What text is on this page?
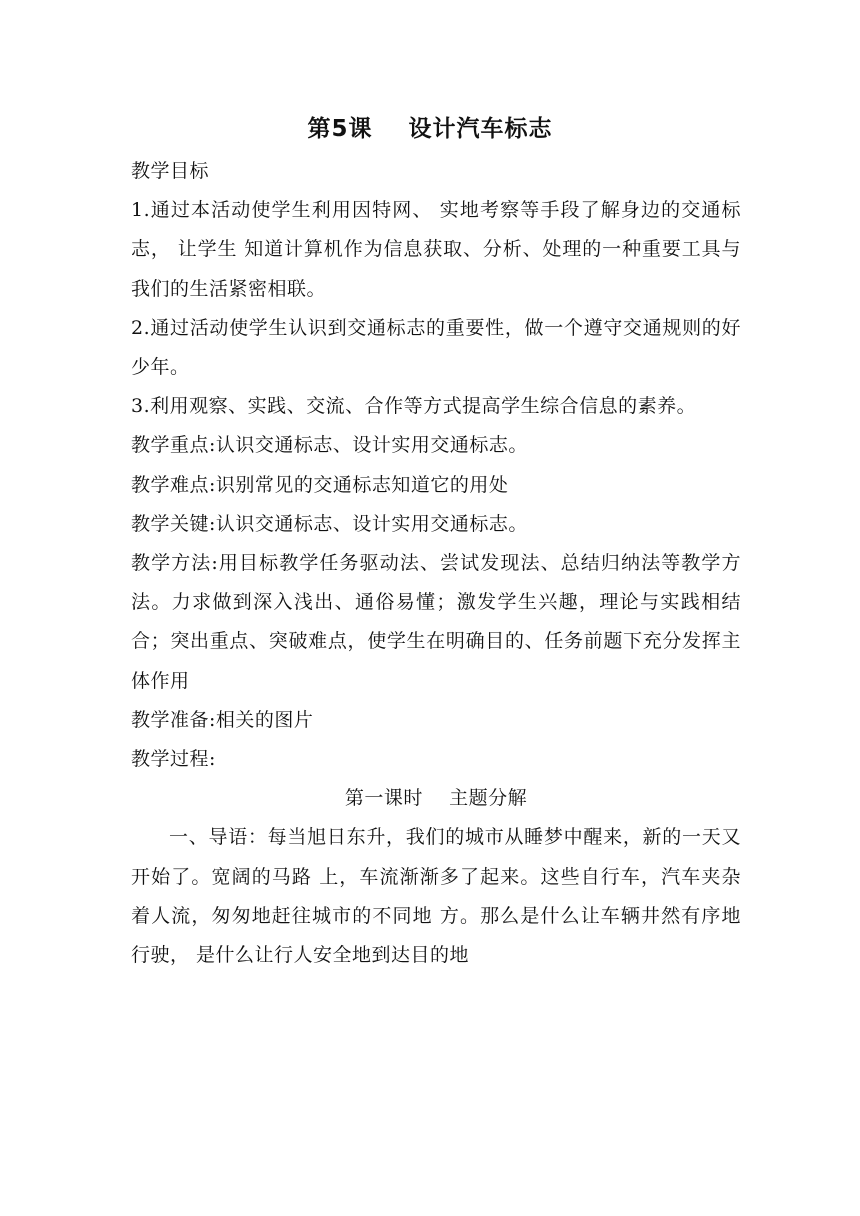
第5课    设计汽车标志

教学目标

1.通过本活动使学生利用因特网、 实地考察等手段了解身边的交通标志， 让学生 知道计算机作为信息获取、分析、处理的一种重要工具与我们的生活紧密相联。

2.通过活动使学生认识到交通标志的重要性，做一个遵守交通规则的好少年。

3.利用观察、实践、交流、合作等方式提高学生综合信息的素养。

教学重点:认识交通标志、设计实用交通标志。

教学难点:识别常见的交通标志知道它的用处

教学关键:认识交通标志、设计实用交通标志。

教学方法:用目标教学任务驱动法、尝试发现法、总结归纳法等教学方法。力求做到深入浅出、通俗易懂；激发学生兴趣，理论与实践相结 合；突出重点、突破难点，使学生在明确目的、任务前题下充分发挥主 体作用

教学准备:相关的图片

教学过程:

第一课时    主题分解

一、导语：每当旭日东升，我们的城市从睡梦中醒来，新的一天又开始了。宽阔的马路 上，车流渐渐多了起来。这些自行车，汽车夹杂着人流，匆匆地赶往城市的不同地 方。那么是什么让车辆井然有序地行驶， 是什么让行人安全地到达目的地
